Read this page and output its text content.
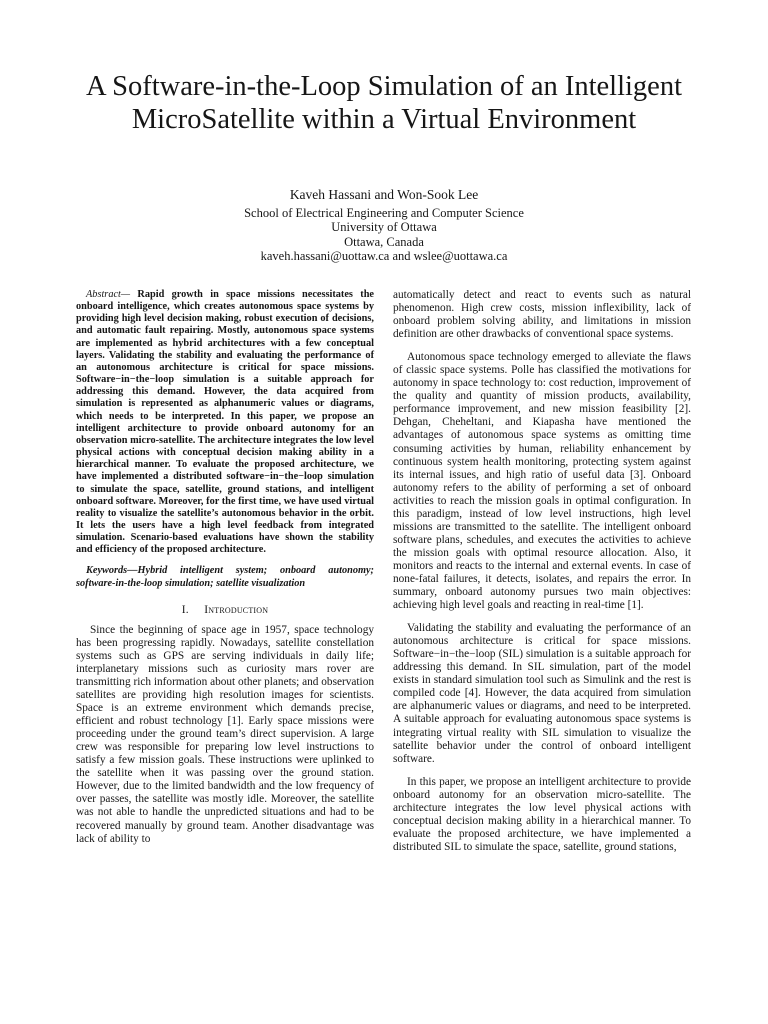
A Software-in-the-Loop Simulation of an Intelligent
MicroSatellite within a Virtual Environment
Kaveh Hassani and Won-Sook Lee
School of Electrical Engineering and Computer Science
University of Ottawa
Ottawa, Canada
kaveh.hassani@uottaw.ca and wslee@uottawa.ca

Abstract— Rapid growth in space missions necessitates the onboard intelligence, which creates autonomous space systems by providing high level decision making, robust execution of decisions, and automatic fault repairing. Mostly, autonomous space systems are implemented as hybrid architectures with a few conceptual layers. Validating the stability and evaluating the performance of an autonomous architecture is critical for space missions. Software−in−the−loop simulation is a suitable approach for addressing this demand. However, the data acquired from simulation is represented as alphanumeric values or diagrams, which needs to be interpreted. In this paper, we propose an intelligent architecture to provide onboard autonomy for an observation micro-satellite. The architecture integrates the low level physical actions with conceptual decision making ability in a hierarchical manner. To evaluate the proposed architecture, we have implemented a distributed software−in−the−loop simulation to simulate the space, satellite, ground stations, and intelligent onboard software. Moreover, for the first time, we have used virtual reality to visualize the satellite’s autonomous behavior in the orbit. It lets the users have a high level feedback from integrated simulation. Scenario-based evaluations have shown the stability and efficiency of the proposed architecture.

Keywords—Hybrid intelligent system; onboard autonomy; software-in-the-loop simulation; satellite visualization

I. Introduction

Since the beginning of space age in 1957, space technology has been progressing rapidly. Nowadays, satellite constellation systems such as GPS are serving individuals in daily life; interplanetary missions such as curiosity mars rover are transmitting rich information about other planets; and observation satellites are providing high resolution images for scientists. Space is an extreme environment which demands precise, efficient and robust technology [1]. Early space missions were proceeding under the ground team’s direct supervision. A large crew was responsible for preparing low level instructions to satisfy a few mission goals. These instructions were uplinked to the satellite when it was passing over the ground station. However, due to the limited bandwidth and the low frequency of over passes, the satellite was mostly idle. Moreover, the satellite was not able to handle the unpredicted situations and had to be recovered manually by ground team. Another disadvantage was lack of ability to

automatically detect and react to events such as natural phenomenon. High crew costs, mission inflexibility, lack of onboard problem solving ability, and limitations in mission definition are other drawbacks of conventional space systems.

Autonomous space technology emerged to alleviate the flaws of classic space systems. Polle has classified the motivations for autonomy in space technology to: cost reduction, improvement of the quality and quantity of mission products, availability, performance improvement, and new mission feasibility [2]. Dehgan, Cheheltani, and Kiapasha have mentioned the advantages of autonomous space systems as omitting time consuming activities by human, reliability enhancement by continuous system health monitoring, protecting system against its internal issues, and high ratio of useful data [3]. Onboard autonomy refers to the ability of performing a set of onboard activities to reach the mission goals in optimal configuration. In this paradigm, instead of low level instructions, high level missions are transmitted to the satellite. The intelligent onboard software plans, schedules, and executes the activities to achieve the mission goals with optimal resource allocation. Also, it monitors and reacts to the internal and external events. In case of none-fatal failures, it detects, isolates, and repairs the error. In summary, onboard autonomy pursues two main objectives: achieving high level goals and reacting in real-time [1].

Validating the stability and evaluating the performance of an autonomous architecture is critical for space missions. Software−in−the−loop (SIL) simulation is a suitable approach for addressing this demand. In SIL simulation, part of the model exists in standard simulation tool such as Simulink and the rest is compiled code [4]. However, the data acquired from simulation are alphanumeric values or diagrams, and need to be interpreted. A suitable approach for evaluating autonomous space systems is integrating virtual reality with SIL simulation to visualize the satellite behavior under the control of onboard intelligent software.

In this paper, we propose an intelligent architecture to provide onboard autonomy for an observation micro-satellite. The architecture integrates the low level physical actions with conceptual decision making ability in a hierarchical manner. To evaluate the proposed architecture, we have implemented a distributed SIL to simulate the space, satellite, ground stations,
